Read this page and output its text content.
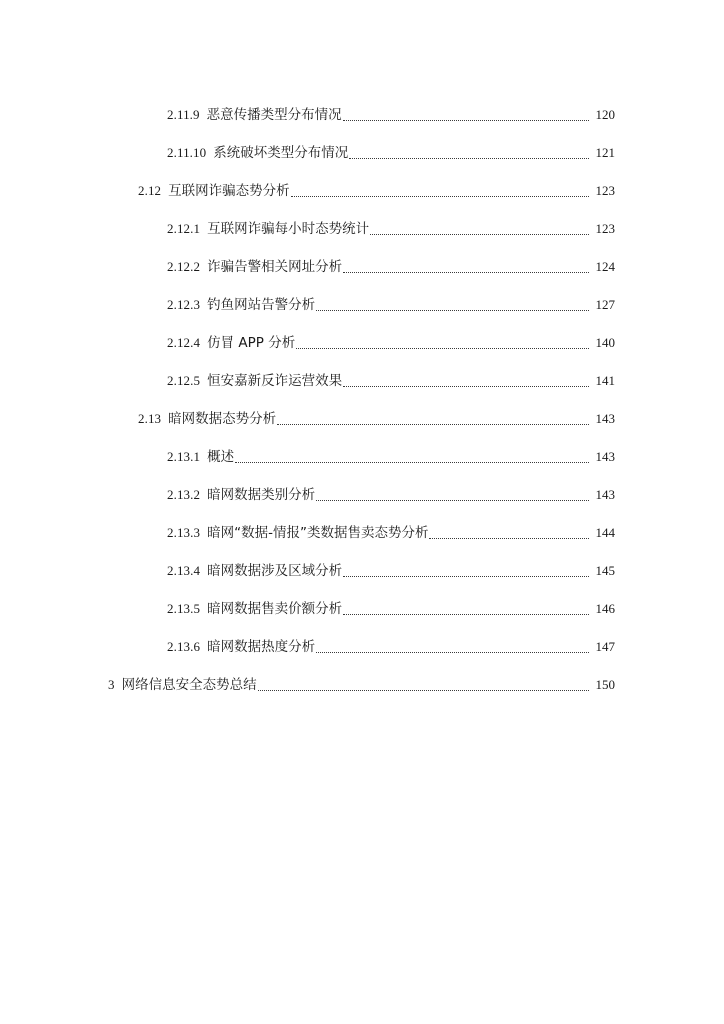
2.11.9 恶意传播类型分布情况	120
2.11.10 系统破坏类型分布情况	121
2.12 互联网诈骗态势分析	123
2.12.1 互联网诈骗每小时态势统计	123
2.12.2 诈骗告警相关网址分析	124
2.12.3 钓鱼网站告警分析	127
2.12.4 仿冒 APP 分析	140
2.12.5 恒安嘉新反诈运营效果	141
2.13 暗网数据态势分析	143
2.13.1 概述	143
2.13.2 暗网数据类别分析	143
2.13.3 暗网“数据-情报”类数据售卖态势分析	144
2.13.4 暗网数据涉及区域分析	145
2.13.5 暗网数据售卖价额分析	146
2.13.6 暗网数据热度分析	147
3 网络信息安全态势总结	150
